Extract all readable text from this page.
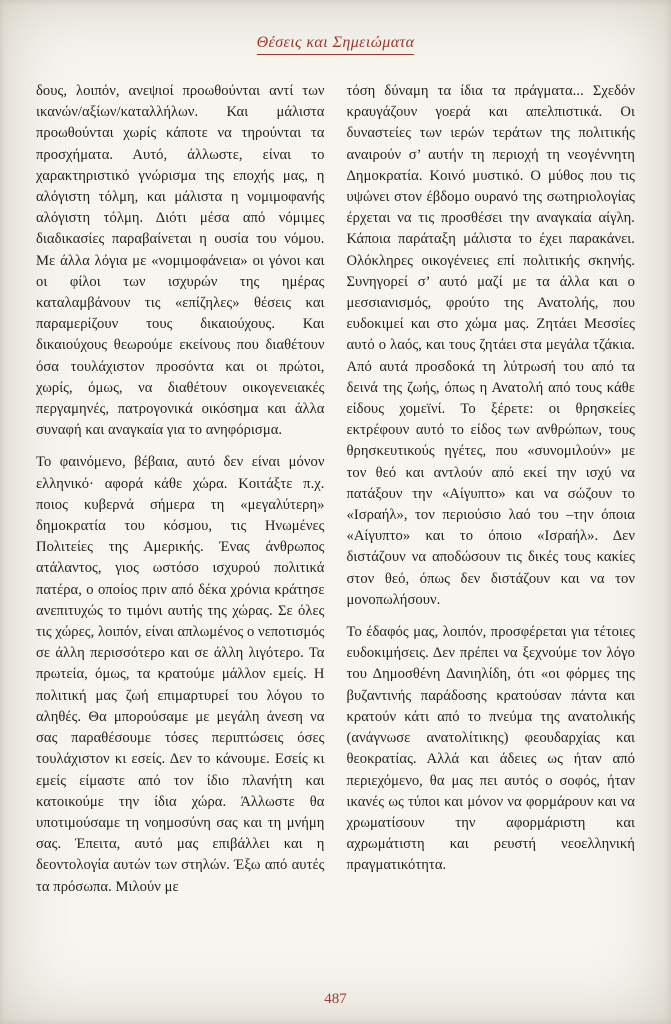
Θέσεις και Σημειώματα

δους, λοιπόν, ανεψιοί προωθούνται αντί των ικανών/αξίων/καταλλήλων. Και μάλιστα προωθούνται χωρίς κάποτε να τηρούνται τα προσχήματα. Αυτό, άλλωστε, είναι το χαρακτηριστικό γνώρισμα της εποχής μας, η αλόγιστη τόλμη, και μάλιστα η νομιμοφανής αλόγιστη τόλμη. Διότι μέσα από νόμιμες διαδικασίες παραβαίνεται η ουσία του νόμου. Με άλλα λόγια με «νομιμοφάνεια» οι γόνοι και οι φίλοι των ισχυρών της ημέρας καταλαμβάνουν τις «επίζηλες» θέσεις και παραμερίζουν τους δικαιούχους. Και δικαιούχους θεωρούμε εκείνους που διαθέτουν όσα τουλάχιστον προσόντα και οι πρώτοι, χωρίς, όμως, να διαθέτουν οικογενειακές περγαμηνές, πατρογονικά οικόσημα και άλλα συναφή και αναγκαία για το ανηφόρισμα.

Το φαινόμενο, βέβαια, αυτό δεν είναι μόνον ελληνικό· αφορά κάθε χώρα. Κοιτάξτε π.χ. ποιος κυβερνά σήμερα τη «μεγαλύτερη» δημοκρατία του κόσμου, τις Ηνωμένες Πολιτείες της Αμερικής. Ένας άνθρωπος ατάλαντος, γιος ωστόσο ισχυρού πολιτικά πατέρα, ο οποίος πριν από δέκα χρόνια κράτησε ανεπιτυχώς το τιμόνι αυτής της χώρας. Σε όλες τις χώρες, λοιπόν, είναι απλωμένος ο νεποτισμός σε άλλη περισσότερο και σε άλλη λιγότερο. Τα πρωτεία, όμως, τα κρατούμε μάλλον εμείς. Η πολιτική μας ζωή επιμαρτυρεί του λόγου το αληθές. Θα μπορούσαμε με μεγάλη άνεση να σας παραθέσουμε τόσες περιπτώσεις όσες τουλάχιστον κι εσείς. Δεν το κάνουμε. Εσείς κι εμείς είμαστε από τον ίδιο πλανήτη και κατοικούμε την ίδια χώρα. Άλλωστε θα υποτιμούσαμε τη νοημοσύνη σας και τη μνήμη σας. Έπειτα, αυτό μας επιβάλλει και η δεοντολογία αυτών των στηλών. Έξω από αυτές τα πρόσωπα. Μιλούν με

τόση δύναμη τα ίδια τα πράγματα... Σχεδόν κραυγάζουν γοερά και απελπιστικά. Οι δυναστείες των ιερών τεράτων της πολιτικής αναιρούν σ’ αυτήν τη περιοχή τη νεογέννητη Δημοκρατία. Κοινό μυστικό. Ο μύθος που τις υψώνει στον έβδομο ουρανό της σωτηριολογίας έρχεται να τις προσθέσει την αναγκαία αίγλη. Κάποια παράταξη μάλιστα το έχει παρακάνει. Ολόκληρες οικογένειες επί πολιτικής σκηνής. Συνηγορεί σ’ αυτό μαζί με τα άλλα και ο μεσσιανισμός, φρούτο της Ανατολής, που ευδοκιμεί και στο χώμα μας. Ζητάει Μεσσίες αυτό ο λαός, και τους ζητάει στα μεγάλα τζάκια. Από αυτά προσδοκά τη λύτρωσή του από τα δεινά της ζωής, όπως η Ανατολή από τους κάθε είδους χομεϊνί. Το ξέρετε: οι θρησκείες εκτρέφουν αυτό το είδος των ανθρώπων, τους θρησκευτικούς ηγέτες, που «συνομιλούν» με τον θεό και αντλούν από εκεί την ισχύ να πατάξουν την «Αίγυπτο» και να σώζουν το «Ισραήλ», τον περιούσιο λαό του –την όποια «Αίγυπτο» και το όποιο «Ισραήλ». Δεν διστάζουν να αποδώσουν τις δικές τους κακίες στον θεό, όπως δεν διστάζουν και να τον μονοπωλήσουν.

Το έδαφός μας, λοιπόν, προσφέρεται για τέτοιες ευδοκιμήσεις. Δεν πρέπει να ξεχνούμε τον λόγο του Δημοσθένη Δανιηλίδη, ότι «οι φόρμες της βυζαντινής παράδοσης κρατούσαν πάντα και κρατούν κάτι από το πνεύμα της ανατολικής (ανάγνωσε ανατολίτικης) φεουδαρχίας και θεοκρατίας. Αλλά και άδειες ως ήταν από περιεχόμενο, θα μας πει αυτός ο σοφός, ήταν ικανές ως τύποι και μόνον να φορμάρουν και να χρωματίσουν την αφορμάριστη και αχρωμάτιστη και ρευστή νεοελληνική πραγματικότητα.

487
